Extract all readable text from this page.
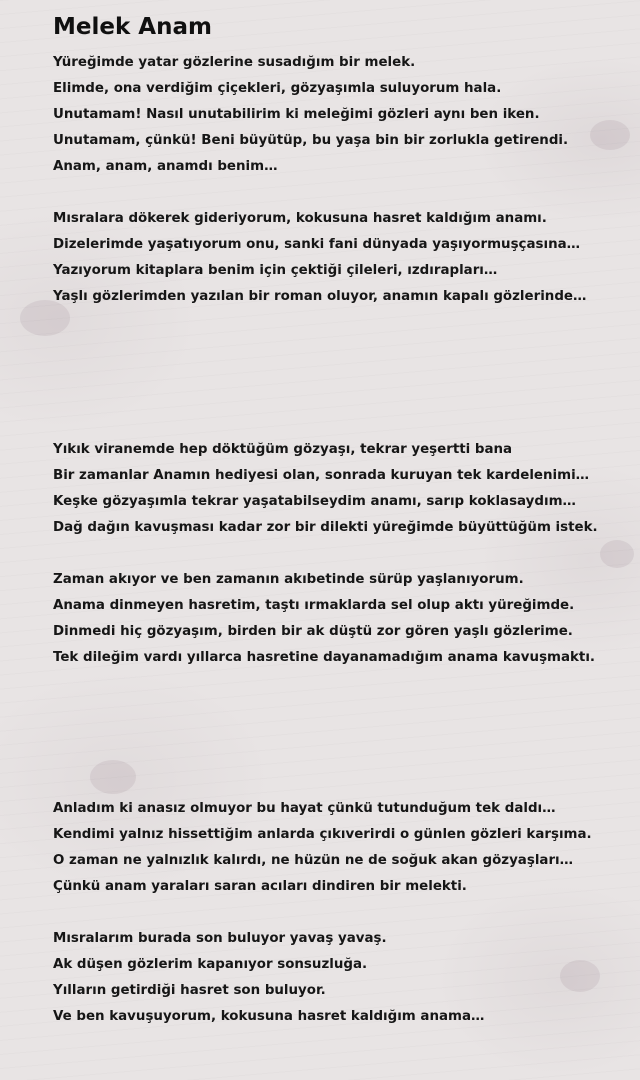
Melek Anam
Yüreğimde yatar gözlerine susadığım bir melek.
Elimde, ona verdiğim çiçekleri, gözyaşımla suluyorum hala.
Unutamam! Nasıl unutabilirim ki meleğimi gözleri aynı ben iken.
Unutamam, çünkü! Beni büyütüp, bu yaşa bin bir zorlukla getirendi.
Anam, anam, anamdı benim…
Mısralara dökerek gideriyorum, kokusuna hasret kaldığım anamı.
Dizelerimde yaşatıyorum onu, sanki fani dünyada yaşıyormuşçasına…
Yazıyorum kitaplara benim için çektiği çileleri, ızdırapları…
Yaşlı gözlerimden yazılan bir roman oluyor, anamın kapalı gözlerinde…
Yıkık viranemde hep döktüğüm gözyaşı, tekrar yeşertti bana
Bir zamanlar Anamın hediyesi olan, sonrada kuruyan tek kardelenimi…
Keşke gözyaşımla tekrar yaşatabilseydim anamı, sarıp koklasaydım…
Dağ dağın kavuşması kadar zor bir dilekti yüreğimde büyüttüğüm istek.
Zaman akıyor ve ben zamanın akıbetinde sürüp yaşlanıyorum.
Anama dinmeyen hasretim, taştı ırmaklarda sel olup aktı yüreğimde.
Dinmedi hiç gözyaşım, birden bir ak düştü zor gören yaşlı gözlerime.
Tek dileğim vardı yıllarca hasretine dayanamadığım anama kavuşmaktı.
Anladım ki anasız olmuyor bu hayat çünkü tutunduğum tek daldı…
Kendimi yalnız hissettiğim anlarda çıkıverirdi o günlen gözleri karşıma.
O zaman ne yalnızlık kalırdı, ne hüzün ne de soğuk akan gözyaşları…
Çünkü anam yaraları saran acıları dindiren bir melekti.
Mısralarım burada son buluyor yavaş yavaş.
Ak düşen gözlerim kapanıyor sonsuzluğa.
Yılların getirdiği hasret son buluyor.
Ve ben kavuşuyorum, kokusuna hasret kaldığım anama…
